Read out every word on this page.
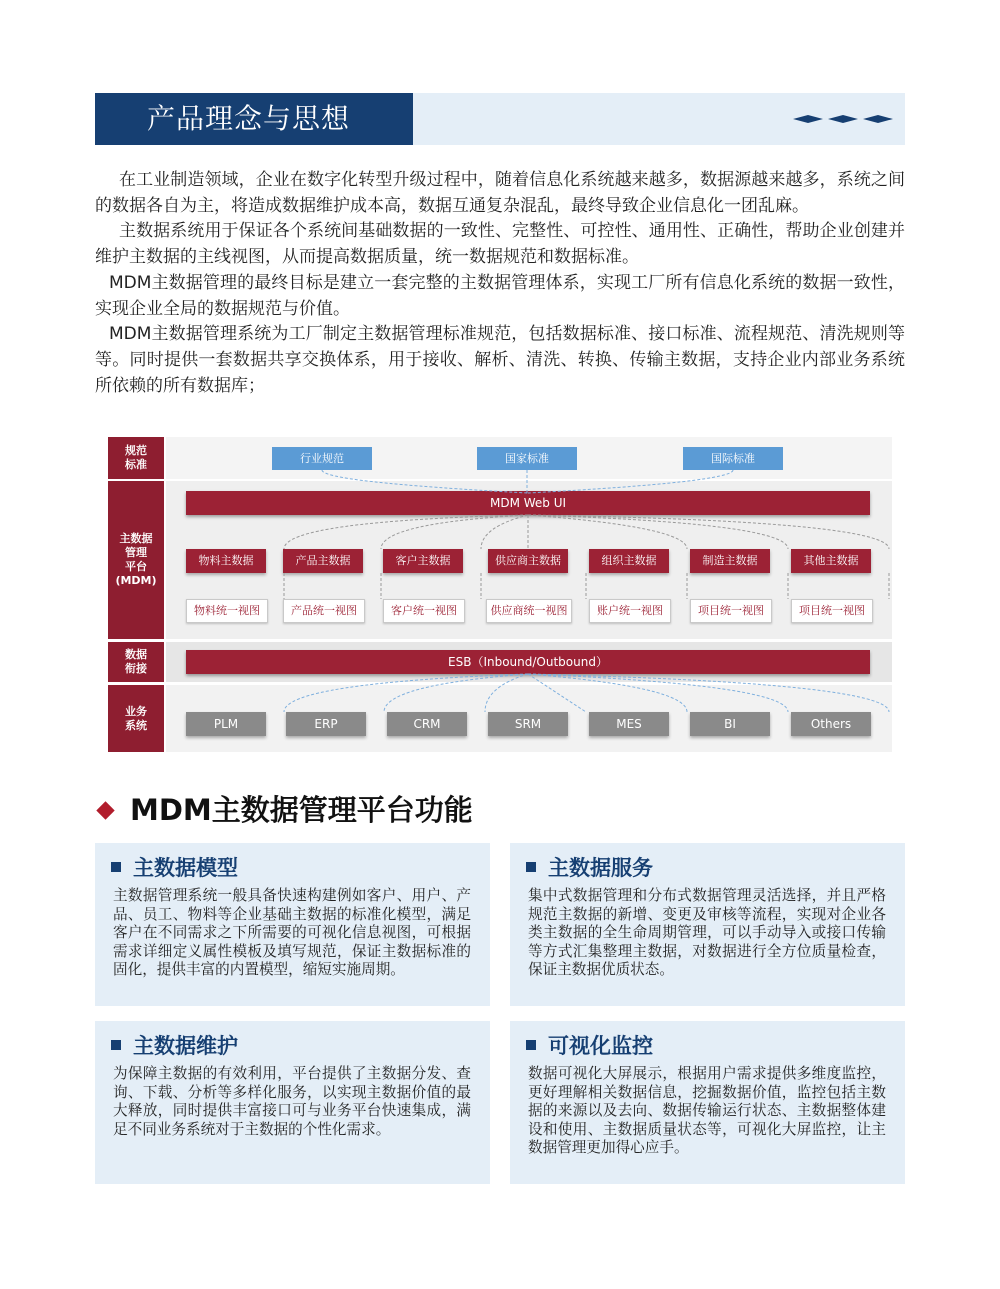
产品理念与思想

在工业制造领域，企业在数字化转型升级过程中，随着信息化系统越来越多，数据源越来越多，系统之间的数据各自为主，将造成数据维护成本高，数据互通复杂混乱，最终导致企业信息化一团乱麻。

主数据系统用于保证各个系统间基础数据的一致性、完整性、可控性、通用性、正确性，帮助企业创建并维护主数据的主线视图，从而提高数据质量，统一数据规范和数据标准。

MDM主数据管理的最终目标是建立一套完整的主数据管理体系，实现工厂所有信息化系统的数据一致性，实现企业全局的数据规范与价值。

MDM主数据管理系统为工厂制定主数据管理标准规范，包括数据标准、接口标准、流程规范、清洗规则等等。同时提供一套数据共享交换体系，用于接收、解析、清洗、转换、传输主数据，支持企业内部业务系统所依赖的所有数据库；

规范
标准	行业规范	国家标准	国际标准
主数据
管理
平台
(MDM)
MDM Web UI
物料主数据	产品主数据	客户主数据	供应商主数据	组织主数据	制造主数据	其他主数据
物料统一视图	产品统一视图	客户统一视图	供应商统一视图	账户统一视图	项目统一视图	项目统一视图
数据
衔接	ESB（Inbound/Outbound）
业务
系统	PLM	ERP	CRM	SRM	MES	BI	Others
MDM主数据管理平台功能
主数据模型
主数据管理系统一般具备快速构建例如客户、用户、产品、员工、物料等企业基础主数据的标准化模型，满足客户在不同需求之下所需要的可视化信息视图，可根据需求详细定义属性模板及填写规范，保证主数据标准的固化，提供丰富的内置模型，缩短实施周期。
主数据服务
集中式数据管理和分布式数据管理灵活选择，并且严格规范主数据的新增、变更及审核等流程，实现对企业各类主数据的全生命周期管理，可以手动导入或接口传输等方式汇集整理主数据，对数据进行全方位质量检查，保证主数据优质状态。
主数据维护
为保障主数据的有效利用，平台提供了主数据分发、查询、下载、分析等多样化服务，以实现主数据价值的最大释放，同时提供丰富接口可与业务平台快速集成，满足不同业务系统对于主数据的个性化需求。
可视化监控
数据可视化大屏展示，根据用户需求提供多维度监控，更好理解相关数据信息，挖掘数据价值，监控包括主数据的来源以及去向、数据传输运行状态、主数据整体建设和使用、主数据质量状态等，可视化大屏监控，让主数据管理更加得心应手。
